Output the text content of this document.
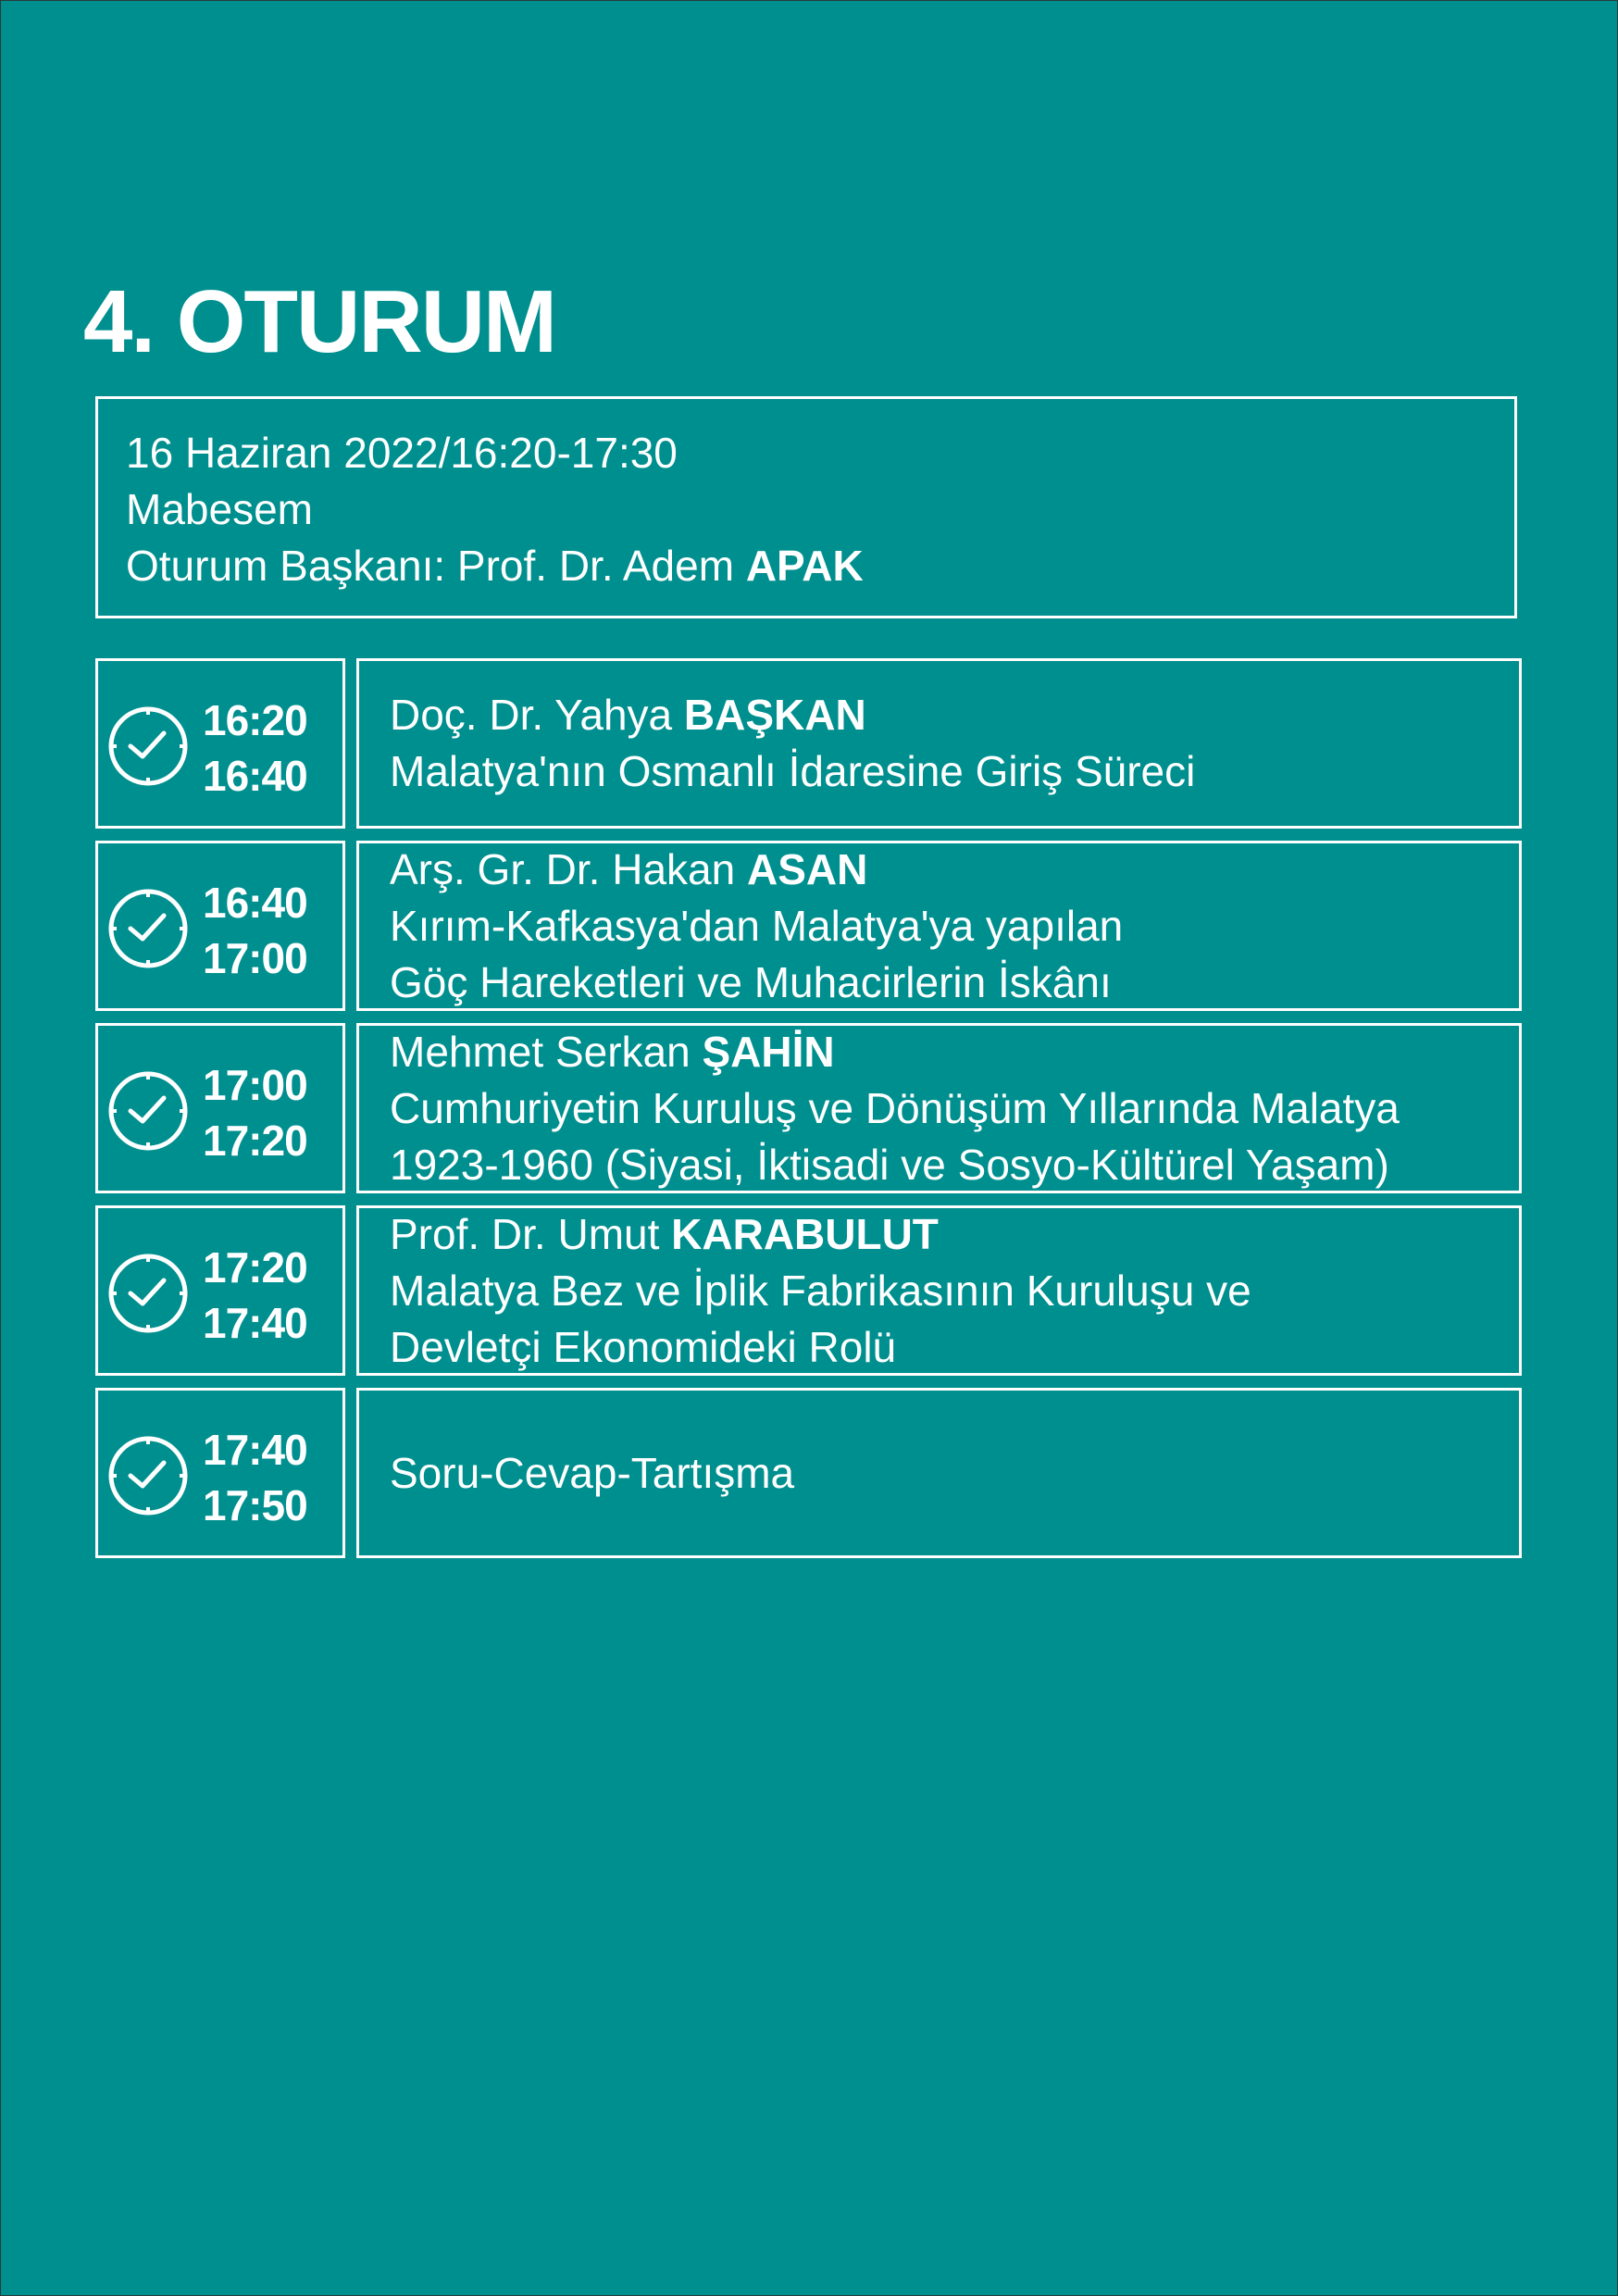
4. OTURUM
16 Haziran 2022/16:20-17:30
Mabesem
Oturum Başkanı: Prof. Dr. Adem APAK
16:20
16:40
Doç. Dr. Yahya BAŞKAN
Malatya'nın Osmanlı İdaresine Giriş Süreci
16:40
17:00
Arş. Gr. Dr. Hakan ASAN
Kırım-Kafkasya'dan Malatya'ya yapılan
Göç Hareketleri ve Muhacirlerin İskânı
17:00
17:20
Mehmet Serkan ŞAHİN
Cumhuriyetin Kuruluş ve Dönüşüm Yıllarında Malatya
1923-1960 (Siyasi, İktisadi ve Sosyo-Kültürel Yaşam)
17:20
17:40
Prof. Dr. Umut KARABULUT
Malatya Bez ve İplik Fabrikasının Kuruluşu ve
Devletçi Ekonomideki Rolü
17:40
17:50
Soru-Cevap-Tartışma
